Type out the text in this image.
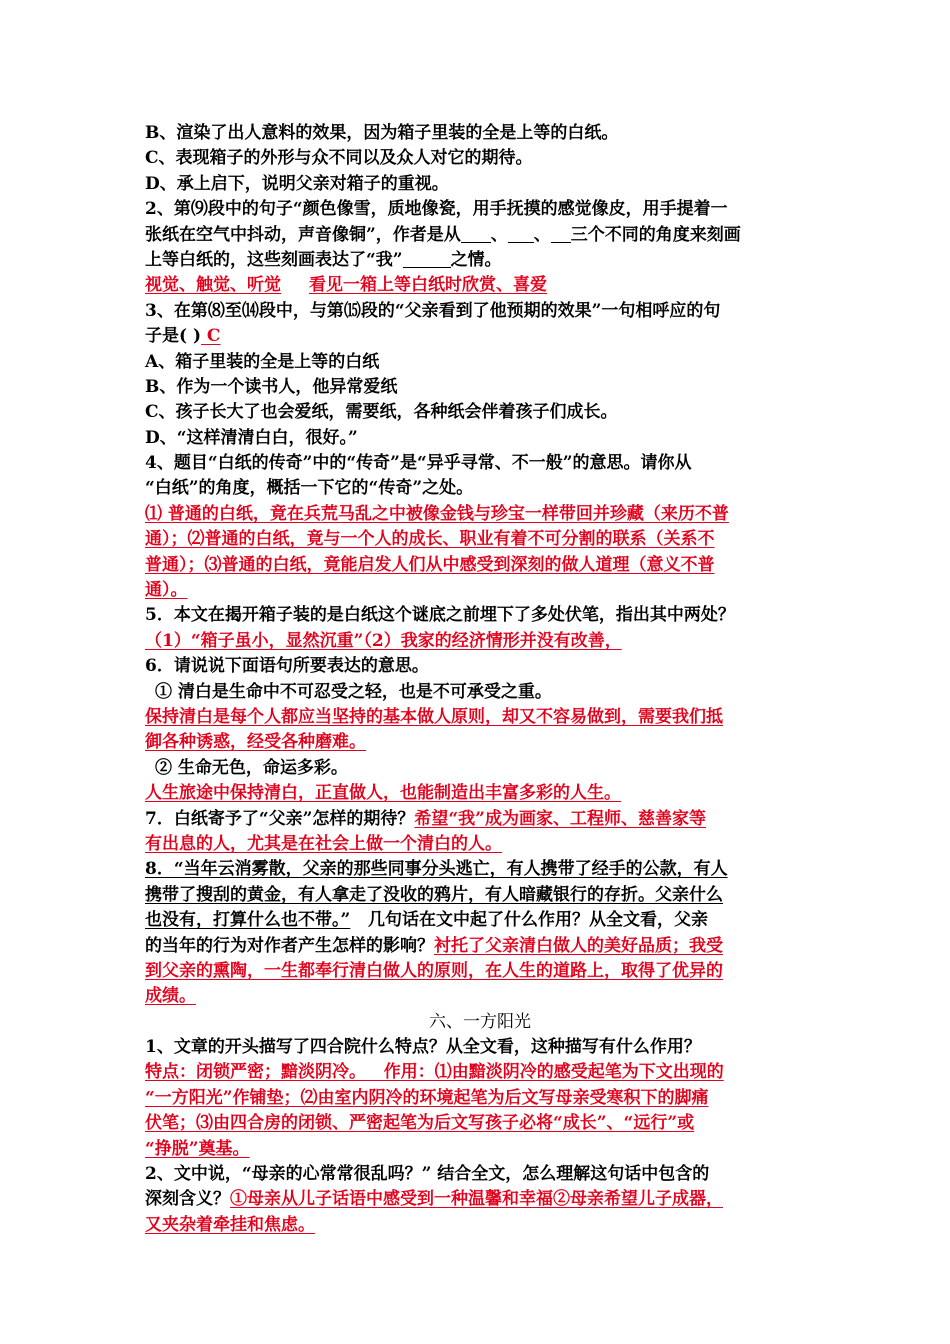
B、渲染了出人意料的效果，因为箱子里装的全是上等的白纸。
C、表现箱子的外形与众不同以及众人对它的期待。
D、承上启下，说明父亲对箱子的重视。
2、第⑼段中的句子“颜色像雪，质地像瓷，用手抚摸的感觉像皮，用手提着一
张纸在空气中抖动，声音像铜”，作者是从 、 、 三个不同的角度来刻画
上等白纸的，这些刻画表达了“我”	之情。
视觉、触觉、听觉 看见一箱上等白纸时欣赏、喜爱
3、在第⑻至⒁段中，与第⒂段的“父亲看到了他预期的效果”一句相呼应的句
子是( ) C
A、箱子里装的全是上等的白纸
B、作为一个读书人，他异常爱纸
C、孩子长大了也会爱纸，需要纸，各种纸会伴着孩子们成长。
D、“这样清清白白，很好。”
4、题目“白纸的传奇”中的“传奇”是“异乎寻常、不一般”的意思。请你从
“白纸”的角度，概括一下它的“传奇”之处。
⑴ 普通的白纸，竟在兵荒马乱之中被像金钱与珍宝一样带回并珍藏（来历不普
通）；⑵普通的白纸，竟与一个人的成长、职业有着不可分割的联系（关系不
普通）；⑶普通的白纸，竟能启发人们从中感受到深刻的做人道理（意义不普
通）。
5．本文在揭开箱子装的是白纸这个谜底之前埋下了多处伏笔，指出其中两处？
（1）“箱子虽小，显然沉重”（2）我家的经济情形并没有改善，
6．请说说下面语句所要表达的意思。
① 清白是生命中不可忍受之轻，也是不可承受之重。
保持清白是每个人都应当坚持的基本做人原则，却又不容易做到，需要我们抵
御各种诱惑，经受各种磨难。
② 生命无色，命运多彩。
人生旅途中保持清白，正直做人，也能制造出丰富多彩的人生。
7．白纸寄予了“父亲”怎样的期待？希望“我”成为画家、工程师、慈善家等
有出息的人，尤其是在社会上做一个清白的人。
8．“当年云消雾散，父亲的那些同事分头逃亡，有人携带了经手的公款，有人
携带了搜刮的黄金，有人拿走了没收的鸦片，有人暗藏银行的存折。父亲什么
也没有，打算什么也不带。”   几句话在文中起了什么作用？从全文看，父亲
的当年的行为对作者产生怎样的影响？衬托了父亲清白做人的美好品质；我受
到父亲的熏陶，一生都奉行清白做人的原则，在人生的道路上，取得了优异的
成绩。
六、一方阳光
1、文章的开头描写了四合院什么特点？从全文看，这种描写有什么作用？
特点：闭锁严密；黯淡阴冷。   作用：⑴由黯淡阴冷的感受起笔为下文出现的
“一方阳光”作铺垫；⑵由室内阴冷的环境起笔为后文写母亲受寒积下的脚痛
伏笔；⑶由四合房的闭锁、严密起笔为后文写孩子必将“成长”、“远行”或
“挣脱”奠基。
2、文中说，“母亲的心常常很乱吗？” 结合全文，怎么理解这句话中包含的
深刻含义？①母亲从儿子话语中感受到一种温馨和幸福②母亲希望儿子成器，
又夹杂着牵挂和焦虑。
